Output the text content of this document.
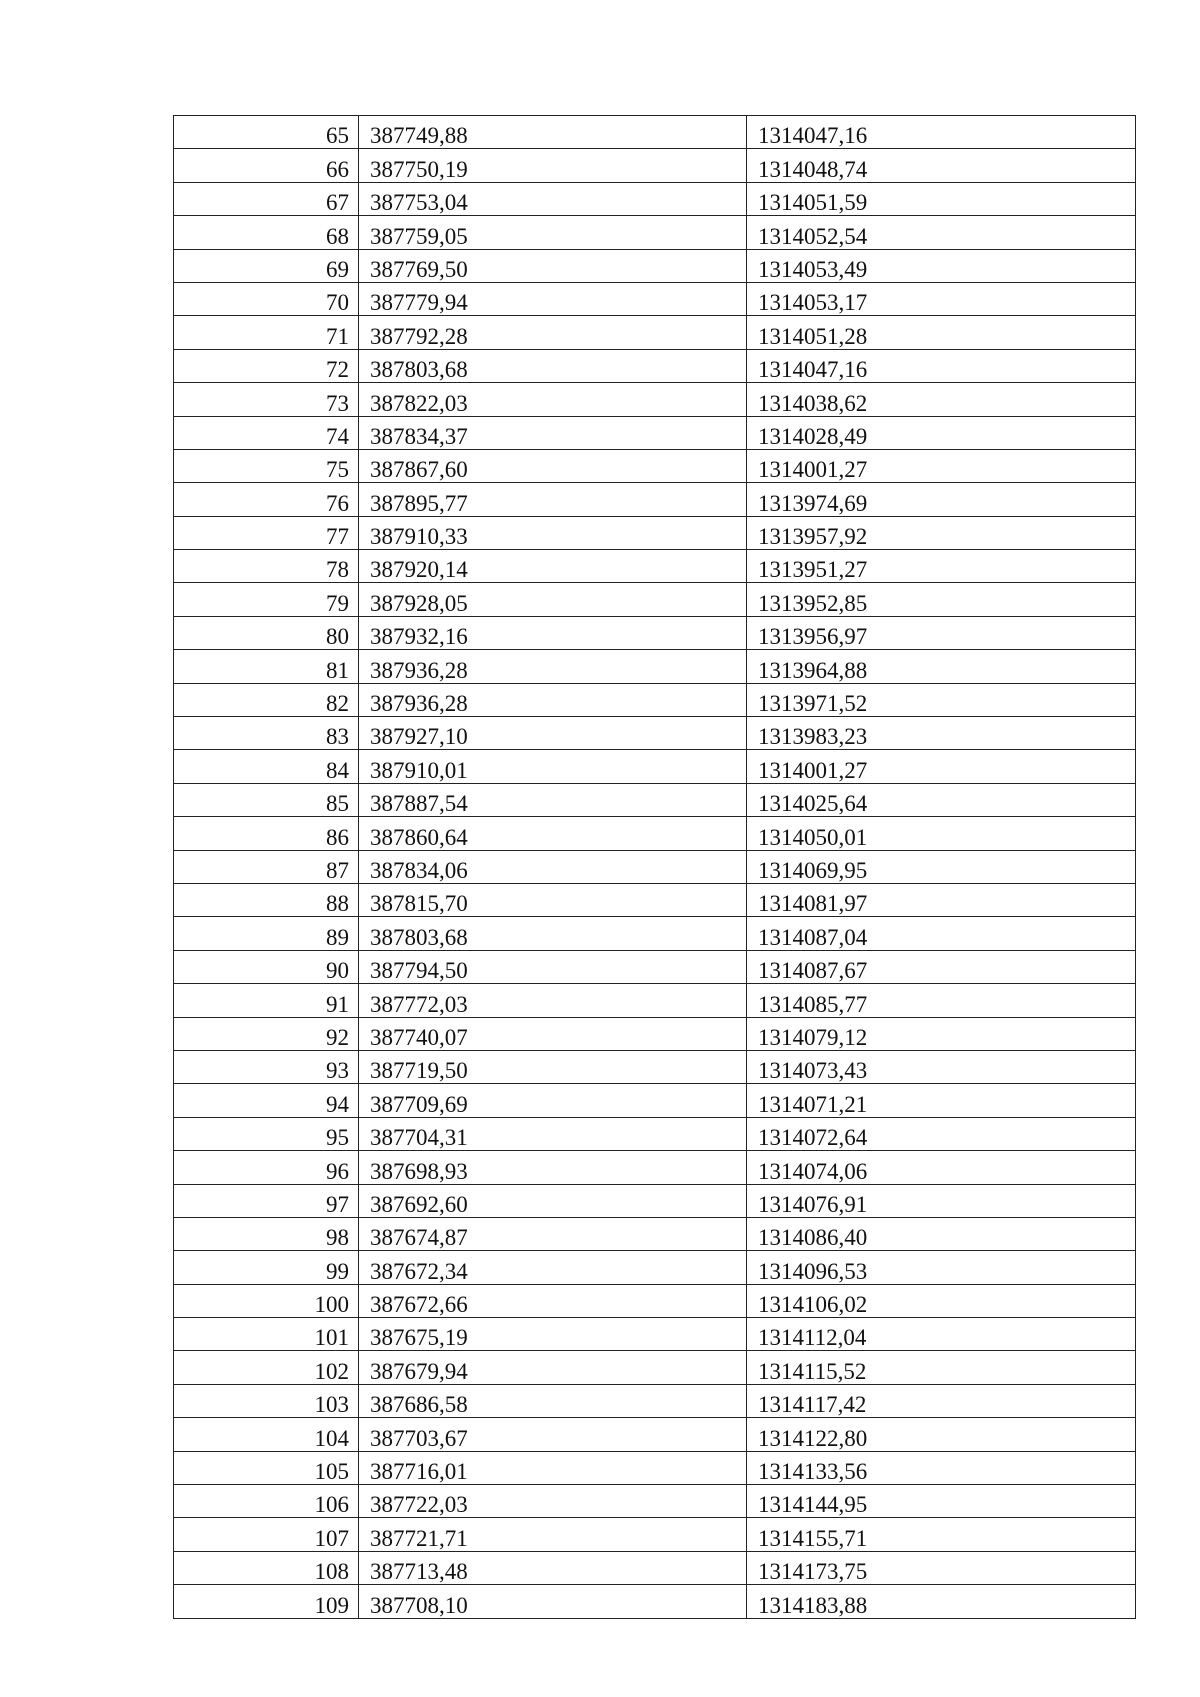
65	387749,88	1314047,16
66	387750,19	1314048,74
67	387753,04	1314051,59
68	387759,05	1314052,54
69	387769,50	1314053,49
70	387779,94	1314053,17
71	387792,28	1314051,28
72	387803,68	1314047,16
73	387822,03	1314038,62
74	387834,37	1314028,49
75	387867,60	1314001,27
76	387895,77	1313974,69
77	387910,33	1313957,92
78	387920,14	1313951,27
79	387928,05	1313952,85
80	387932,16	1313956,97
81	387936,28	1313964,88
82	387936,28	1313971,52
83	387927,10	1313983,23
84	387910,01	1314001,27
85	387887,54	1314025,64
86	387860,64	1314050,01
87	387834,06	1314069,95
88	387815,70	1314081,97
89	387803,68	1314087,04
90	387794,50	1314087,67
91	387772,03	1314085,77
92	387740,07	1314079,12
93	387719,50	1314073,43
94	387709,69	1314071,21
95	387704,31	1314072,64
96	387698,93	1314074,06
97	387692,60	1314076,91
98	387674,87	1314086,40
99	387672,34	1314096,53
100	387672,66	1314106,02
101	387675,19	1314112,04
102	387679,94	1314115,52
103	387686,58	1314117,42
104	387703,67	1314122,80
105	387716,01	1314133,56
106	387722,03	1314144,95
107	387721,71	1314155,71
108	387713,48	1314173,75
109	387708,10	1314183,88
